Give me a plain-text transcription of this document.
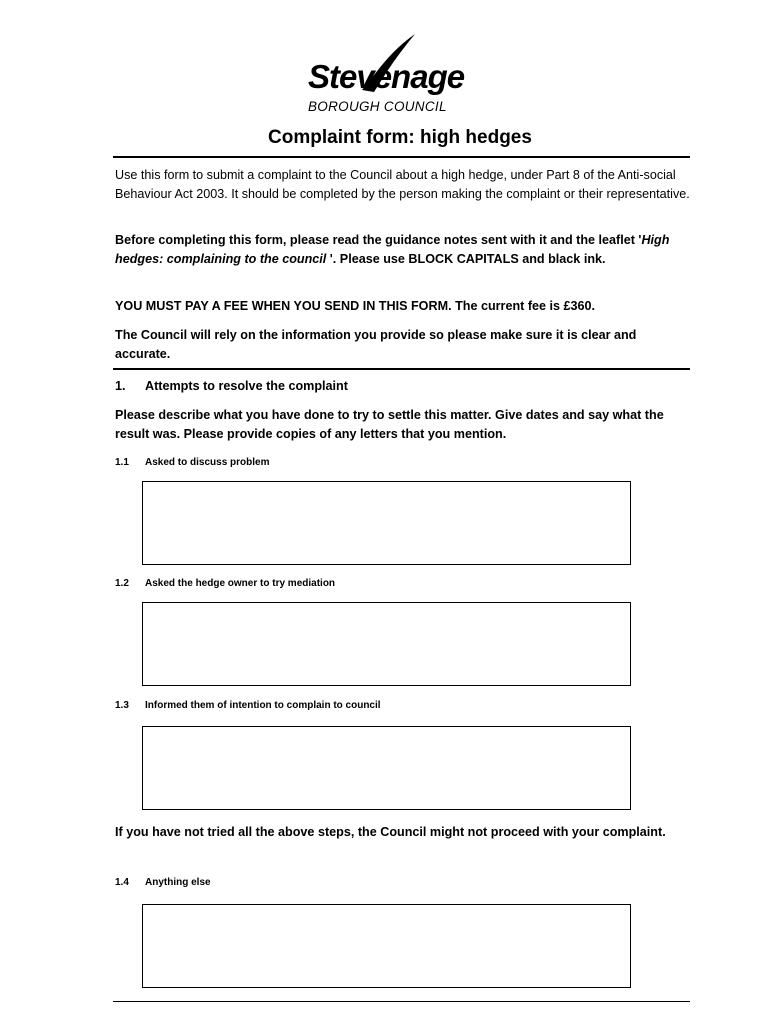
Stevenage
BOROUGH COUNCIL
Complaint form: high hedges
Use this form to submit a complaint to the Council about a high hedge, under Part 8 of the Anti-social Behaviour Act 2003. It should be completed by the person making the complaint or their representative.
Before completing this form, please read the guidance notes sent with it and the leaflet 'High hedges: complaining to the council '. Please use BLOCK CAPITALS and black ink.
YOU MUST PAY A FEE WHEN YOU SEND IN THIS FORM. The current fee is £360.
The Council will rely on the information you provide so please make sure it is clear and accurate.
1. Attempts to resolve the complaint
Please describe what you have done to try to settle this matter. Give dates and say what the result was. Please provide copies of any letters that you mention.
1.1 Asked to discuss problem
1.2 Asked the hedge owner to try mediation
1.3 Informed them of intention to complain to council
If you have not tried all the above steps, the Council might not proceed with your complaint.
1.4 Anything else
